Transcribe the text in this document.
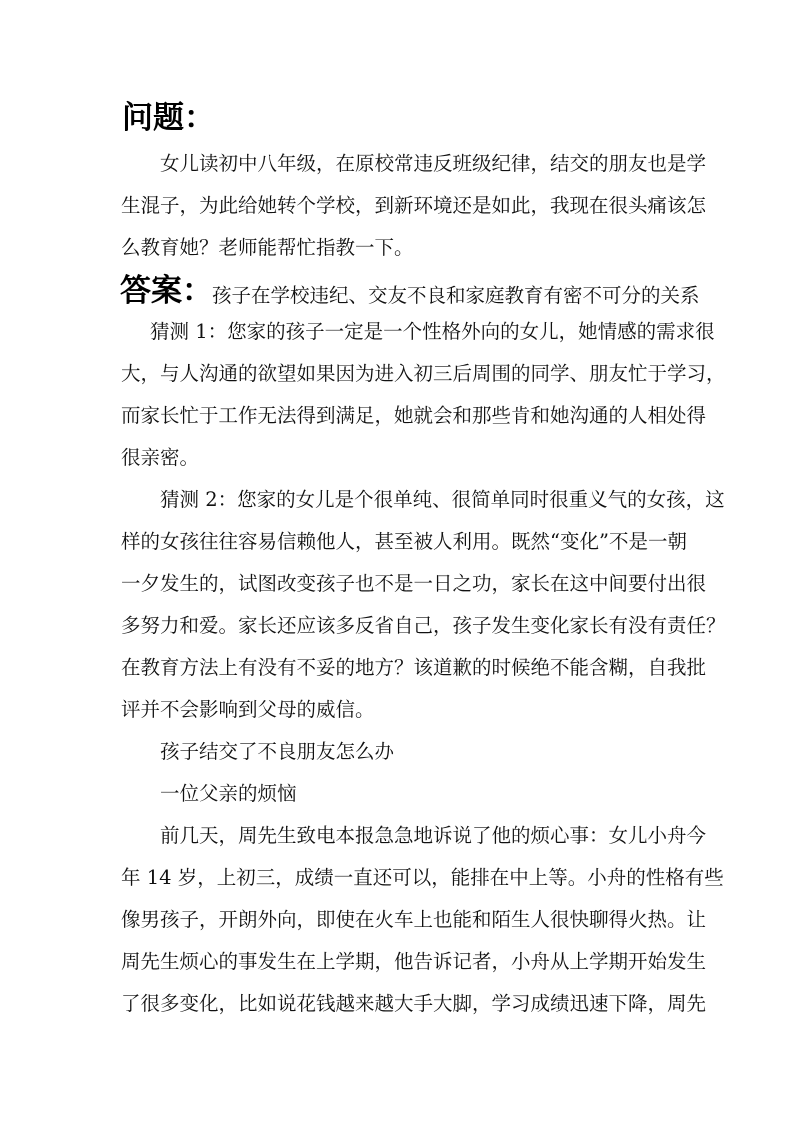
问题：
女儿读初中八年级，在原校常违反班级纪律，结交的朋友也是学
生混子，为此给她转个学校，到新环境还是如此，我现在很头痛该怎
么教育她？老师能帮忙指教一下。
答案： 孩子在学校违纪、交友不良和家庭教育有密不可分的关系
猜测 1：您家的孩子一定是一个性格外向的女儿，她情感的需求很
大，与人沟通的欲望如果因为进入初三后周围的同学、朋友忙于学习，
而家长忙于工作无法得到满足，她就会和那些肯和她沟通的人相处得
很亲密。
猜测 2：您家的女儿是个很单纯、很简单同时很重义气的女孩，这
样的女孩往往容易信赖他人，甚至被人利用。既然“变化”不是一朝
一夕发生的，试图改变孩子也不是一日之功，家长在这中间要付出很
多努力和爱。家长还应该多反省自己，孩子发生变化家长有没有责任？
在教育方法上有没有不妥的地方？该道歉的时候绝不能含糊，自我批
评并不会影响到父母的威信。
孩子结交了不良朋友怎么办
一位父亲的烦恼
前几天，周先生致电本报急急地诉说了他的烦心事：女儿小舟今
年 14 岁，上初三，成绩一直还可以，能排在中上等。小舟的性格有些
像男孩子，开朗外向，即使在火车上也能和陌生人很快聊得火热。让
周先生烦心的事发生在上学期，他告诉记者，小舟从上学期开始发生
了很多变化，比如说花钱越来越大手大脚，学习成绩迅速下降，周先
